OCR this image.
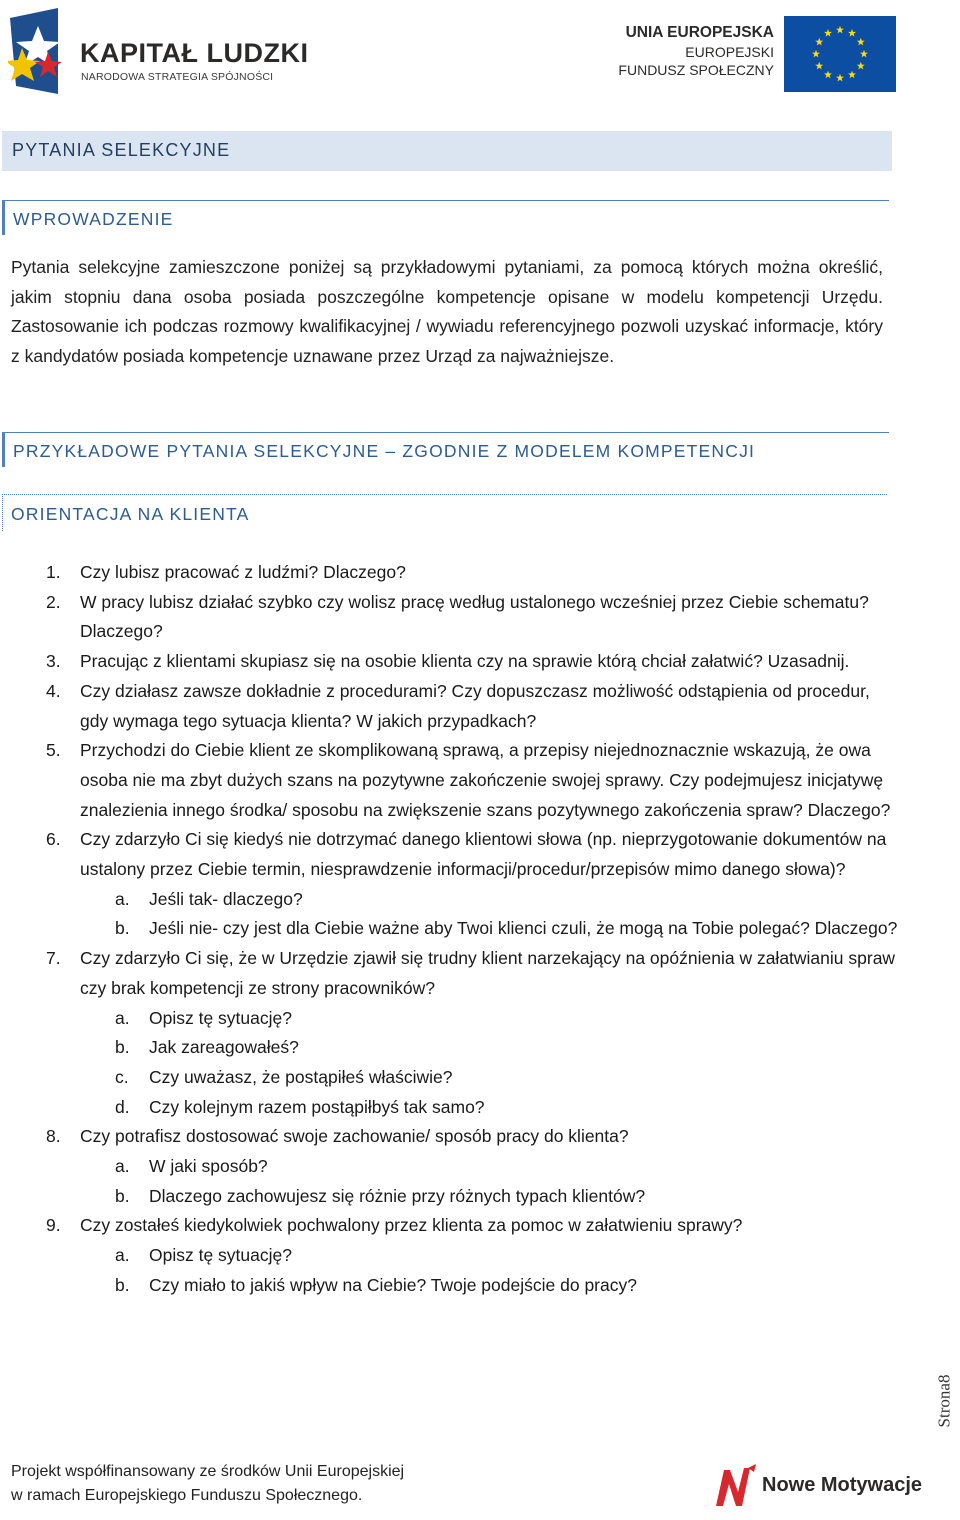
KAPITAŁ LUDZKI
NARODOWA STRATEGIA SPÓJNOŚCI
UNIA EUROPEJSKA
EUROPEJSKI
FUNDUSZ SPOŁECZNY
PYTANIA SELEKCYJNE
WPROWADZENIE
Pytania selekcyjne zamieszczone poniżej są przykładowymi pytaniami, za pomocą których można określić, jakim stopniu dana osoba posiada poszczególne kompetencje opisane w modelu kompetencji Urzędu. Zastosowanie ich podczas rozmowy kwalifikacyjnej / wywiadu referencyjnego pozwoli uzyskać informacje, który z kandydatów posiada kompetencje uznawane przez Urząd za najważniejsze.
PRZYKŁADOWE PYTANIA SELEKCYJNE – ZGODNIE Z MODELEM KOMPETENCJI
ORIENTACJA NA KLIENTA
1. Czy lubisz pracować z ludźmi? Dlaczego?
2. W pracy lubisz działać szybko czy wolisz pracę według ustalonego wcześniej przez Ciebie schematu? Dlaczego?
3. Pracując z klientami skupiasz się na osobie klienta czy na sprawie którą chciał załatwić? Uzasadnij.
4. Czy działasz zawsze dokładnie z procedurami? Czy dopuszczasz możliwość odstąpienia od procedur, gdy wymaga tego sytuacja klienta? W jakich przypadkach?
5. Przychodzi do Ciebie klient ze skomplikowaną sprawą, a przepisy niejednoznacznie wskazują, że owa osoba nie ma zbyt dużych szans na pozytywne zakończenie swojej sprawy. Czy podejmujesz inicjatywę znalezienia innego środka/ sposobu na zwiększenie szans pozytywnego zakończenia spraw? Dlaczego?
6. Czy zdarzyło Ci się kiedyś nie dotrzymać danego klientowi słowa (np. nieprzygotowanie dokumentów na ustalony przez Ciebie termin, niesprawdzenie informacji/procedur/przepisów mimo danego słowa)?
a. Jeśli tak- dlaczego?
b. Jeśli nie- czy jest dla Ciebie ważne aby Twoi klienci czuli, że mogą na Tobie polegać? Dlaczego?
7. Czy zdarzyło Ci się, że w Urzędzie zjawił się trudny klient narzekający na opóźnienia w załatwianiu spraw czy brak kompetencji ze strony pracowników?
a. Opisz tę sytuację?
b. Jak zareagowałeś?
c. Czy uważasz, że postąpiłeś właściwie?
d. Czy kolejnym razem postąpiłbyś tak samo?
8. Czy potrafisz dostosować swoje zachowanie/ sposób pracy do klienta?
a. W jaki sposób?
b. Dlaczego zachowujesz się różnie przy różnych typach klientów?
9. Czy zostałeś kiedykolwiek pochwalony przez klienta za pomoc w załatwieniu sprawy?
a. Opisz tę sytuację?
b. Czy miało to jakiś wpływ na Ciebie? Twoje podejście do pracy?
Strona8
Projekt współfinansowany ze środków Unii Europejskiej
w ramach Europejskiego Funduszu Społecznego.	Nowe Motywacje
